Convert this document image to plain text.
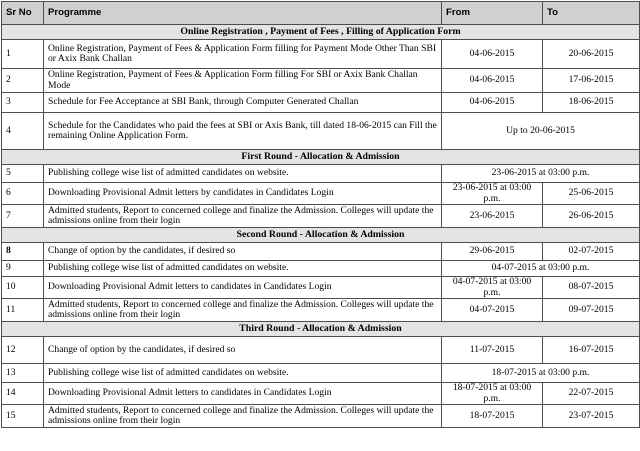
Sr No	Programme	From	To
Online Registration , Payment of Fees , Filling of Application Form			
1	Online Registration, Payment of Fees & Application Form filling for Payment Mode Other Than SBI or Axix Bank Challan	04-06-2015	20-06-2015
2	Online Registration, Payment of Fees & Application Form filling For SBI or Axix Bank Challan Mode	04-06-2015	17-06-2015
3	Schedule for Fee Acceptance at SBI Bank, through Computer Generated Challan	04-06-2015	18-06-2015
4	Schedule for the Candidates who paid the fees at SBI or Axis Bank, till dated 18-06-2015 can Fill the remaining Online Application Form.	Up to 20-06-2015	
First Round - Allocation & Admission			
5	Publishing college wise list of admitted candidates on website.	23-06-2015 at 03:00 p.m.	
6	Downloading Provisional Admit letters by candidates in Candidates Login	23-06-2015 at 03:00 p.m.	25-06-2015
7	Admitted students, Report to concerned college and finalize the Admission. Colleges will update the admissions online from their login	23-06-2015	26-06-2015
Second Round - Allocation & Admission			
8	Change of option by the candidates, if desired so	29-06-2015	02-07-2015
9	Publishing college wise list of admitted candidates on website.	04-07-2015 at 03:00 p.m.	
10	Downloading Provisional Admit letters to candidates in Candidates Login	04-07-2015 at 03:00 p.m.	08-07-2015
11	Admitted students, Report to concerned college and finalize the Admission. Colleges will update the admissions online from their login	04-07-2015	09-07-2015
Third Round - Allocation & Admission			
12	Change of option by the candidates, if desired so	11-07-2015	16-07-2015
13	Publishing college wise list of admitted candidates on website.	18-07-2015 at 03:00 p.m.	
14	Downloading Provisional Admit letters to candidates in Candidates Login	18-07-2015 at 03:00 p.m.	22-07-2015
15	Admitted students, Report to concerned college and finalize the Admission. Colleges will update the admissions online from their login	18-07-2015	23-07-2015
